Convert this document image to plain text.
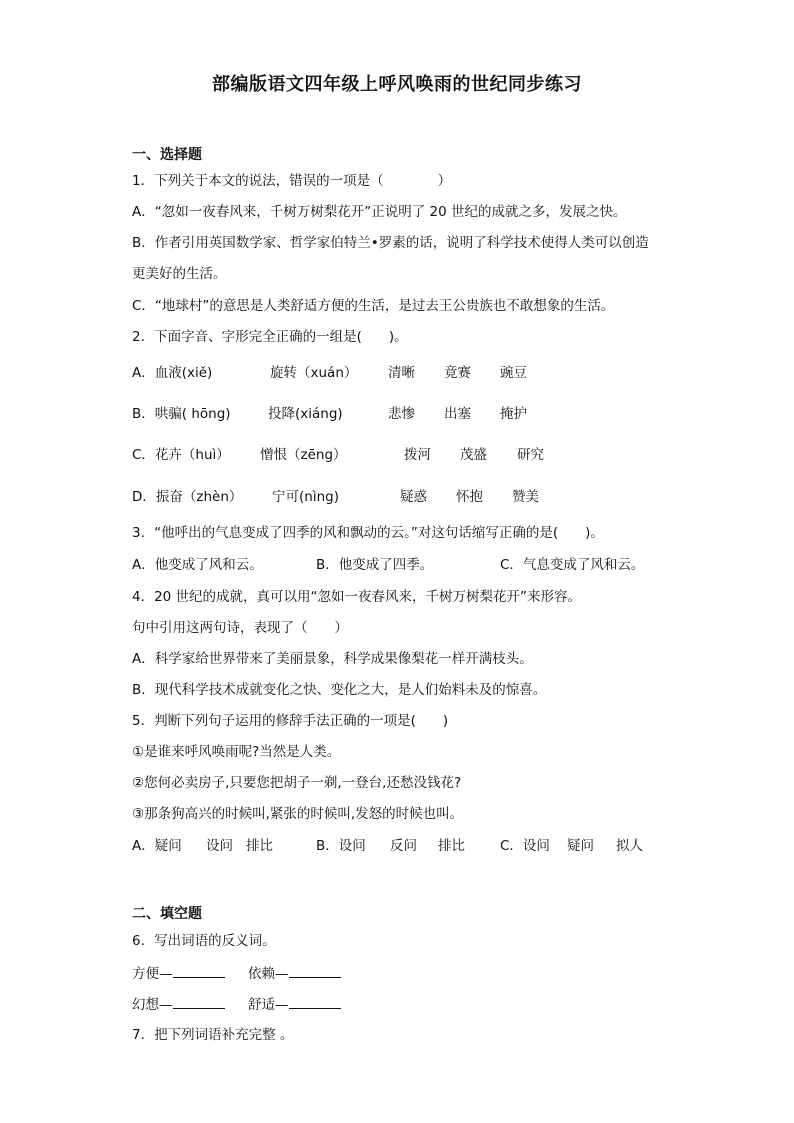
部编版语文四年级上呼风唤雨的世纪同步练习
一、选择题
1．下列关于本文的说法，错误的一项是（　　　　）
A．“忽如一夜春风来，千树万树梨花开”正说明了 20 世纪的成就之多，发展之快。
B．作者引用英国数学家、哲学家伯特兰•罗素的话，说明了科学技术使得人类可以创造
更美好的生活。
C．“地球村”的意思是人类舒适方便的生活，是过去王公贵族也不敢想象的生活。
2．下面字音、字形完全正确的一组是(　　)。
A．血液(xiě)	旋转（xuán） 清晰 竟赛 豌豆
B．哄骗( hōng)	投降(xiáng)	悲惨 出塞 掩护
C．花卉（huì） 憎恨（zēng）	拨河 茂盛 研究
D．振奋（zhèn） 宁可(nìng)	疑惑 怀抱 赞美
3．“他呼出的气息变成了四季的风和飘动的云。”对这句话缩写正确的是(　　)。
A．他变成了风和云。	B．他变成了四季。	C．气息变成了风和云。
4．20 世纪的成就，真可以用“忽如一夜春风来，千树万树梨花开”来形容。
句中引用这两句诗，表现了（　　）
A．科学家给世界带来了美丽景象，科学成果像梨花一样开满枝头。
B．现代科学技术成就变化之快、变化之大，是人们始料未及的惊喜。
5．判断下列句子运用的修辞手法正确的一项是(　　)
①是谁来呼风唤雨呢?当然是人类。
②您何必卖房子,只要您把胡子一剃,一登台,还愁没钱花?
③那条狗高兴的时候叫,紧张的时候叫,发怒的时候也叫。
A．疑问 设问 排比	B．设问 反问 排比	C．设问 疑问 拟人
二、填空题
6．写出词语的反义词。
方便—	依赖—
幻想—	舒适—
7．把下列词语补充完整 。
